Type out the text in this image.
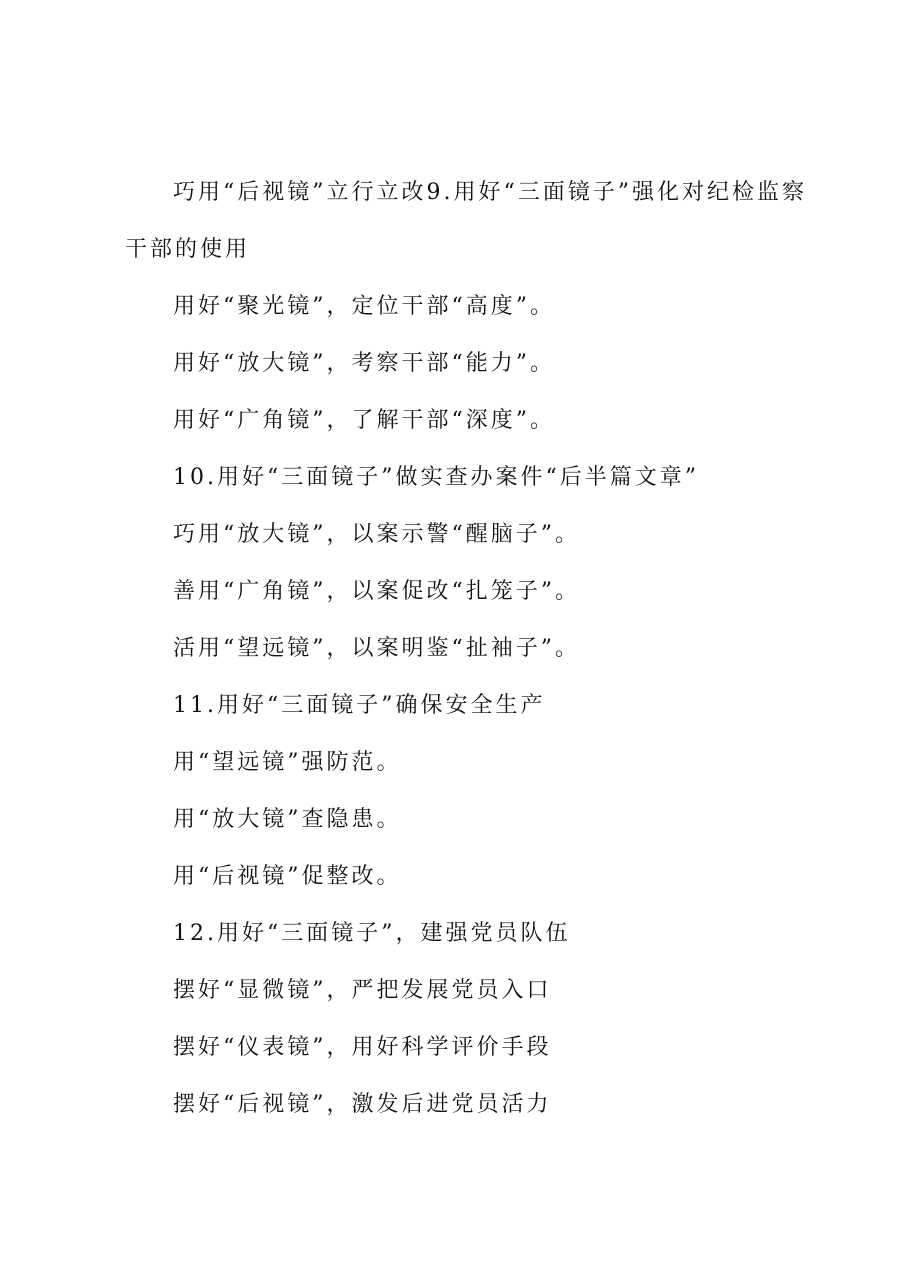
巧用“后视镜”立行立改9.用好“三面镜子”强化对纪检监察干部的使用

用好“聚光镜”，定位干部“高度”。

用好“放大镜”，考察干部“能力”。

用好“广角镜”，了解干部“深度”。

10.用好“三面镜子”做实查办案件“后半篇文章”

巧用“放大镜”，以案示警“醒脑子”。

善用“广角镜”，以案促改“扎笼子”。

活用“望远镜”，以案明鉴“扯袖子”。

11.用好“三面镜子”确保安全生产

用“望远镜”强防范。

用“放大镜”查隐患。

用“后视镜”促整改。

12.用好“三面镜子”，建强党员队伍

摆好“显微镜”，严把发展党员入口

摆好“仪表镜”，用好科学评价手段

摆好“后视镜”，激发后进党员活力
